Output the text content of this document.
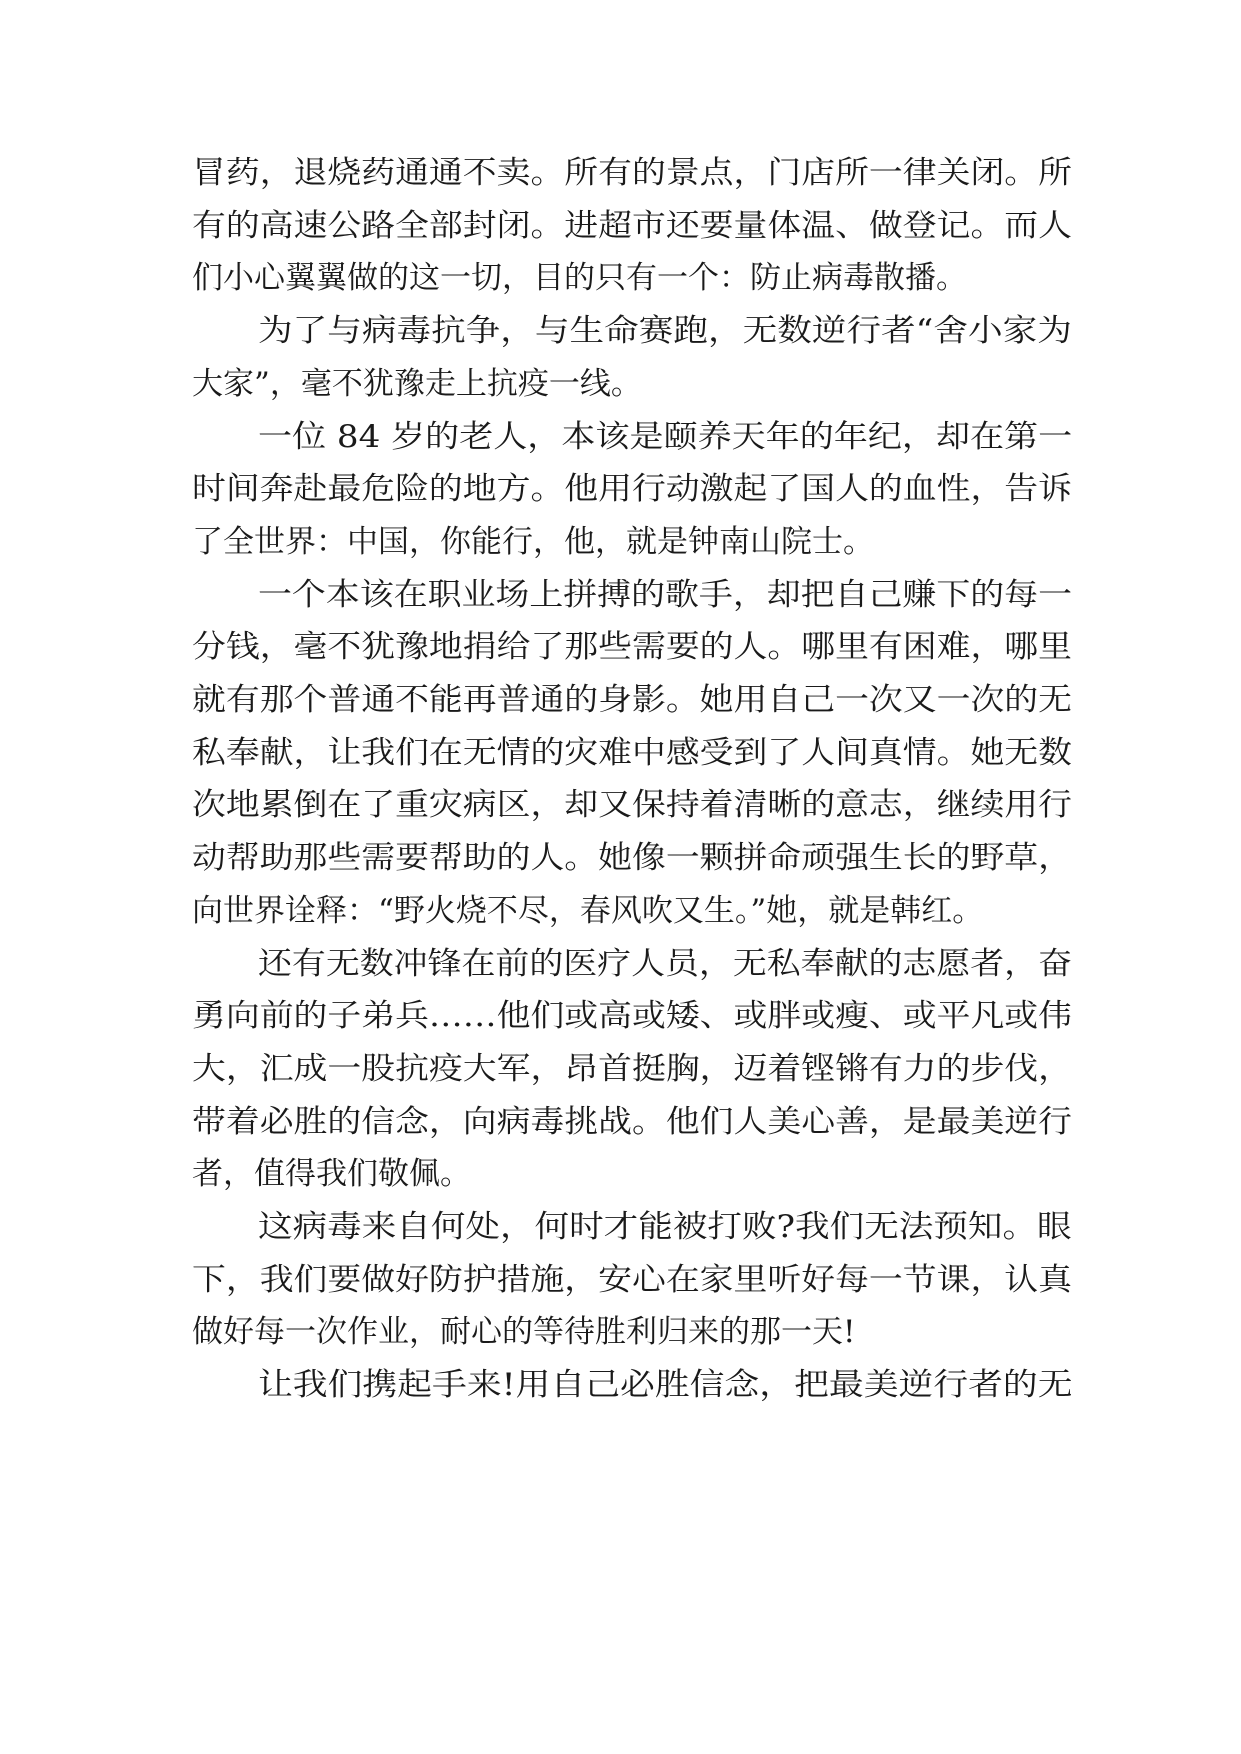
冒药，退烧药通通不卖。所有的景点，门店所一律关闭。所
有的高速公路全部封闭。进超市还要量体温、做登记。而人
们小心翼翼做的这一切，目的只有一个：防止病毒散播。
为了与病毒抗争，与生命赛跑，无数逆行者“舍小家为
大家”，毫不犹豫走上抗疫一线。
一位 84 岁的老人，本该是颐养天年的年纪，却在第一
时间奔赴最危险的地方。他用行动激起了国人的血性，告诉
了全世界：中国，你能行，他，就是钟南山院士。
一个本该在职业场上拼搏的歌手，却把自己赚下的每一
分钱，毫不犹豫地捐给了那些需要的人。哪里有困难，哪里
就有那个普通不能再普通的身影。她用自己一次又一次的无
私奉献，让我们在无情的灾难中感受到了人间真情。她无数
次地累倒在了重灾病区，却又保持着清晰的意志，继续用行
动帮助那些需要帮助的人。她像一颗拼命顽强生长的野草，
向世界诠释：“野火烧不尽，春风吹又生。”她，就是韩红。
还有无数冲锋在前的医疗人员，无私奉献的志愿者，奋
勇向前的子弟兵……他们或高或矮、或胖或瘦、或平凡或伟
大，汇成一股抗疫大军，昂首挺胸，迈着铿锵有力的步伐，
带着必胜的信念，向病毒挑战。他们人美心善，是最美逆行
者，值得我们敬佩。
这病毒来自何处，何时才能被打败?我们无法预知。眼
下，我们要做好防护措施，安心在家里听好每一节课，认真
做好每一次作业，耐心的等待胜利归来的那一天!
让我们携起手来!用自己必胜信念，把最美逆行者的无
